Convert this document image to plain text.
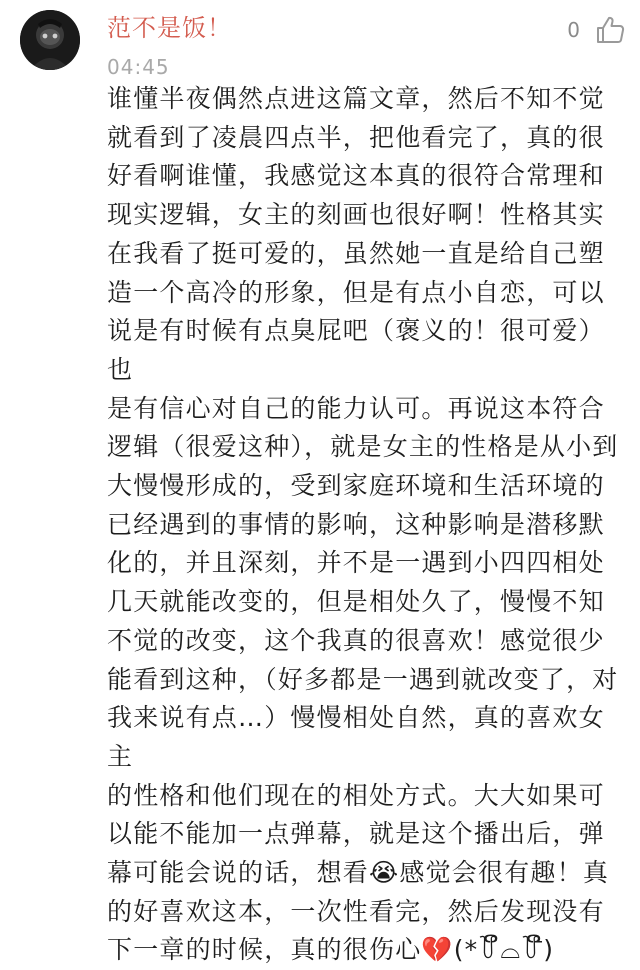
范不是饭！
04:45
0

谁懂半夜偶然点进这篇文章，然后不知不觉
就看到了凌晨四点半，把他看完了，真的很
好看啊谁懂，我感觉这本真的很符合常理和
现实逻辑，女主的刻画也很好啊！性格其实
在我看了挺可爱的，虽然她一直是给自己塑
造一个高冷的形象，但是有点小自恋，可以
说是有时候有点臭屁吧（褒义的！很可爱）也
是有信心对自己的能力认可。再说这本符合
逻辑（很爱这种），就是女主的性格是从小到
大慢慢形成的，受到家庭环境和生活环境的
已经遇到的事情的影响，这种影响是潜移默
化的，并且深刻，并不是一遇到小四四相处
几天就能改变的，但是相处久了，慢慢不知
不觉的改变，这个我真的很喜欢！感觉很少
能看到这种，（好多都是一遇到就改变了，对
我来说有点…）慢慢相处自然，真的喜欢女主
的性格和他们现在的相处方式。大大如果可
以能不能加一点弹幕，就是这个播出后，弹
幕可能会说的话，想看😭感觉会很有趣！真
的好喜欢这本，一次性看完，然后发现没有
下一章的时候，真的很伤心💔(*꒦ິ⌓꒦ີ)
